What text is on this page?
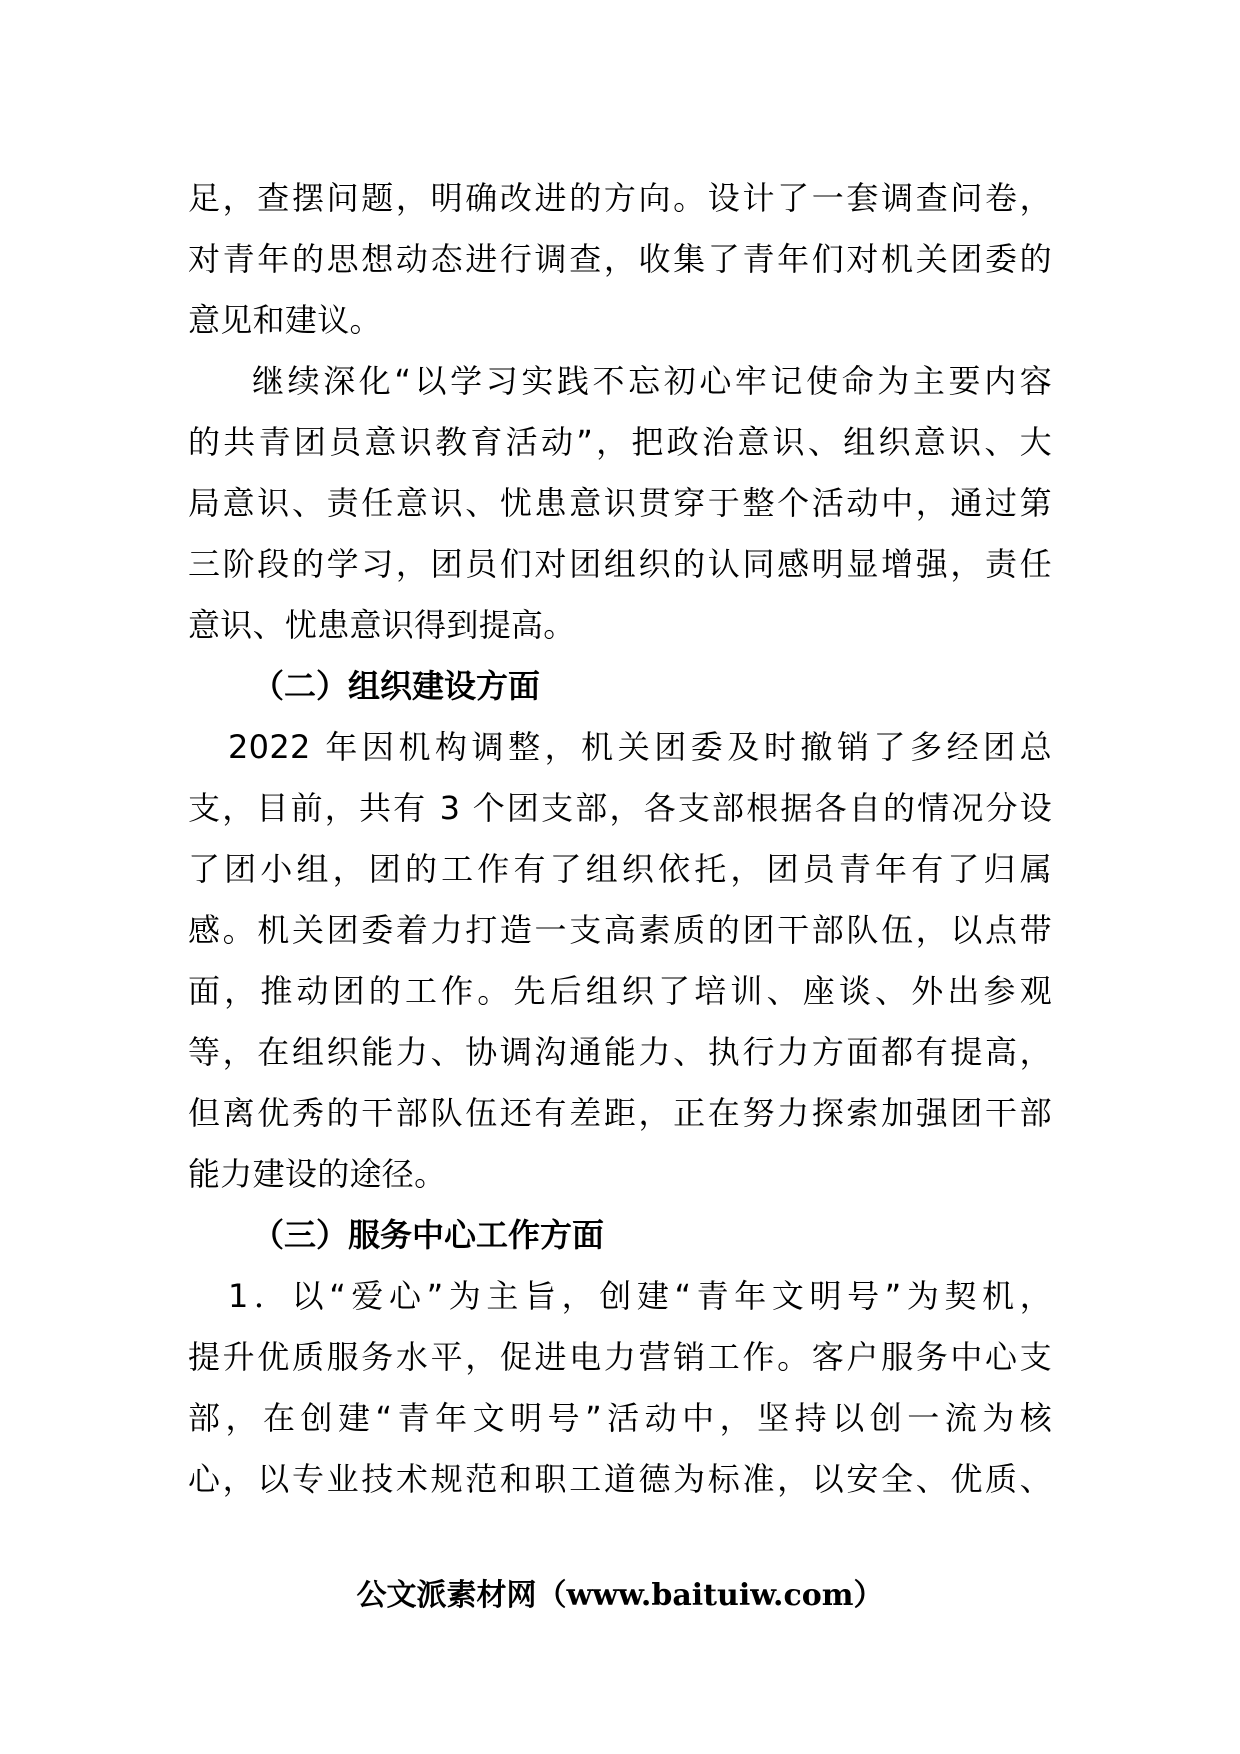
足，查摆问题，明确改进的方向。设计了一套调查问卷，

对青年的思想动态进行调查，收集了青年们对机关团委的

意见和建议。

继续深化“以学习实践不忘初心牢记使命为主要内容

的共青团员意识教育活动”，把政治意识、组织意识、大

局意识、责任意识、忧患意识贯穿于整个活动中，通过第

三阶段的学习，团员们对团组织的认同感明显增强，责任

意识、忧患意识得到提高。

（二）组织建设方面

2022 年因机构调整，机关团委及时撤销了多经团总

支，目前，共有 3 个团支部，各支部根据各自的情况分设

了团小组，团的工作有了组织依托，团员青年有了归属

感。机关团委着力打造一支高素质的团干部队伍，以点带

面，推动团的工作。先后组织了培训、座谈、外出参观

等，在组织能力、协调沟通能力、执行力方面都有提高，

但离优秀的干部队伍还有差距，正在努力探索加强团干部

能力建设的途径。

（三）服务中心工作方面

1．以“爱心”为主旨，创建“青年文明号”为契机，

提升优质服务水平，促进电力营销工作。客户服务中心支

部，在创建“青年文明号”活动中，坚持以创一流为核

心，以专业技术规范和职工道德为标准，以安全、优质、

公文派素材网（www.baituiw.com）
